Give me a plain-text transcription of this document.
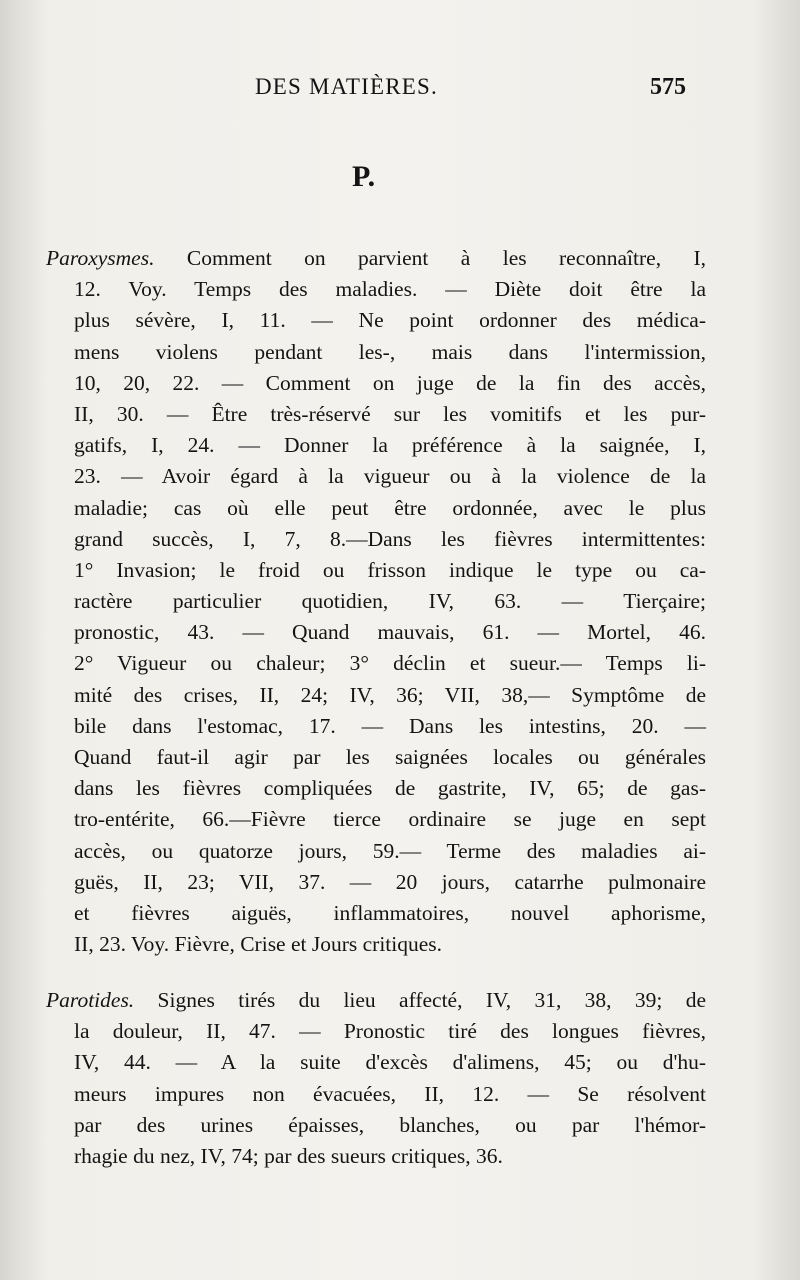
DES MATIÈRES.	575
P.
Paroxysmes. Comment on parvient à les reconnaître, I,
12. Voy. Temps des maladies. — Diète doit être la
plus sévère, I, 11. — Ne point ordonner des médica-
mens violens pendant les-, mais dans l'intermission,
10, 20, 22. — Comment on juge de la fin des accès,
II, 30. — Être très-réservé sur les vomitifs et les pur-
gatifs, I, 24. — Donner la préférence à la saignée, I,
23. — Avoir égard à la vigueur ou à la violence de la
maladie; cas où elle peut être ordonnée, avec le plus
grand succès, I, 7, 8.—Dans les fièvres intermittentes:
1° Invasion; le froid ou frisson indique le type ou ca-
ractère particulier quotidien, IV, 63. — Tierçaire;
pronostic, 43. — Quand mauvais, 61. — Mortel, 46.
2° Vigueur ou chaleur; 3° déclin et sueur.— Temps li-
mité des crises, II, 24; IV, 36; VII, 38,— Symptôme de
bile dans l'estomac, 17. — Dans les intestins, 20. —
Quand faut-il agir par les saignées locales ou générales
dans les fièvres compliquées de gastrite, IV, 65; de gas-
tro-entérite, 66.—Fièvre tierce ordinaire se juge en sept
accès, ou quatorze jours, 59.— Terme des maladies ai-
guës, II, 23; VII, 37. — 20 jours, catarrhe pulmonaire
et fièvres aiguës, inflammatoires, nouvel aphorisme,
II, 23. Voy. Fièvre, Crise et Jours critiques.
Parotides. Signes tirés du lieu affecté, IV, 31, 38, 39; de
la douleur, II, 47. — Pronostic tiré des longues fièvres,
IV, 44. — A la suite d'excès d'alimens, 45; ou d'hu-
meurs impures non évacuées, II, 12. — Se résolvent
par des urines épaisses, blanches, ou par l'hémor-
rhagie du nez, IV, 74; par des sueurs critiques, 36.
